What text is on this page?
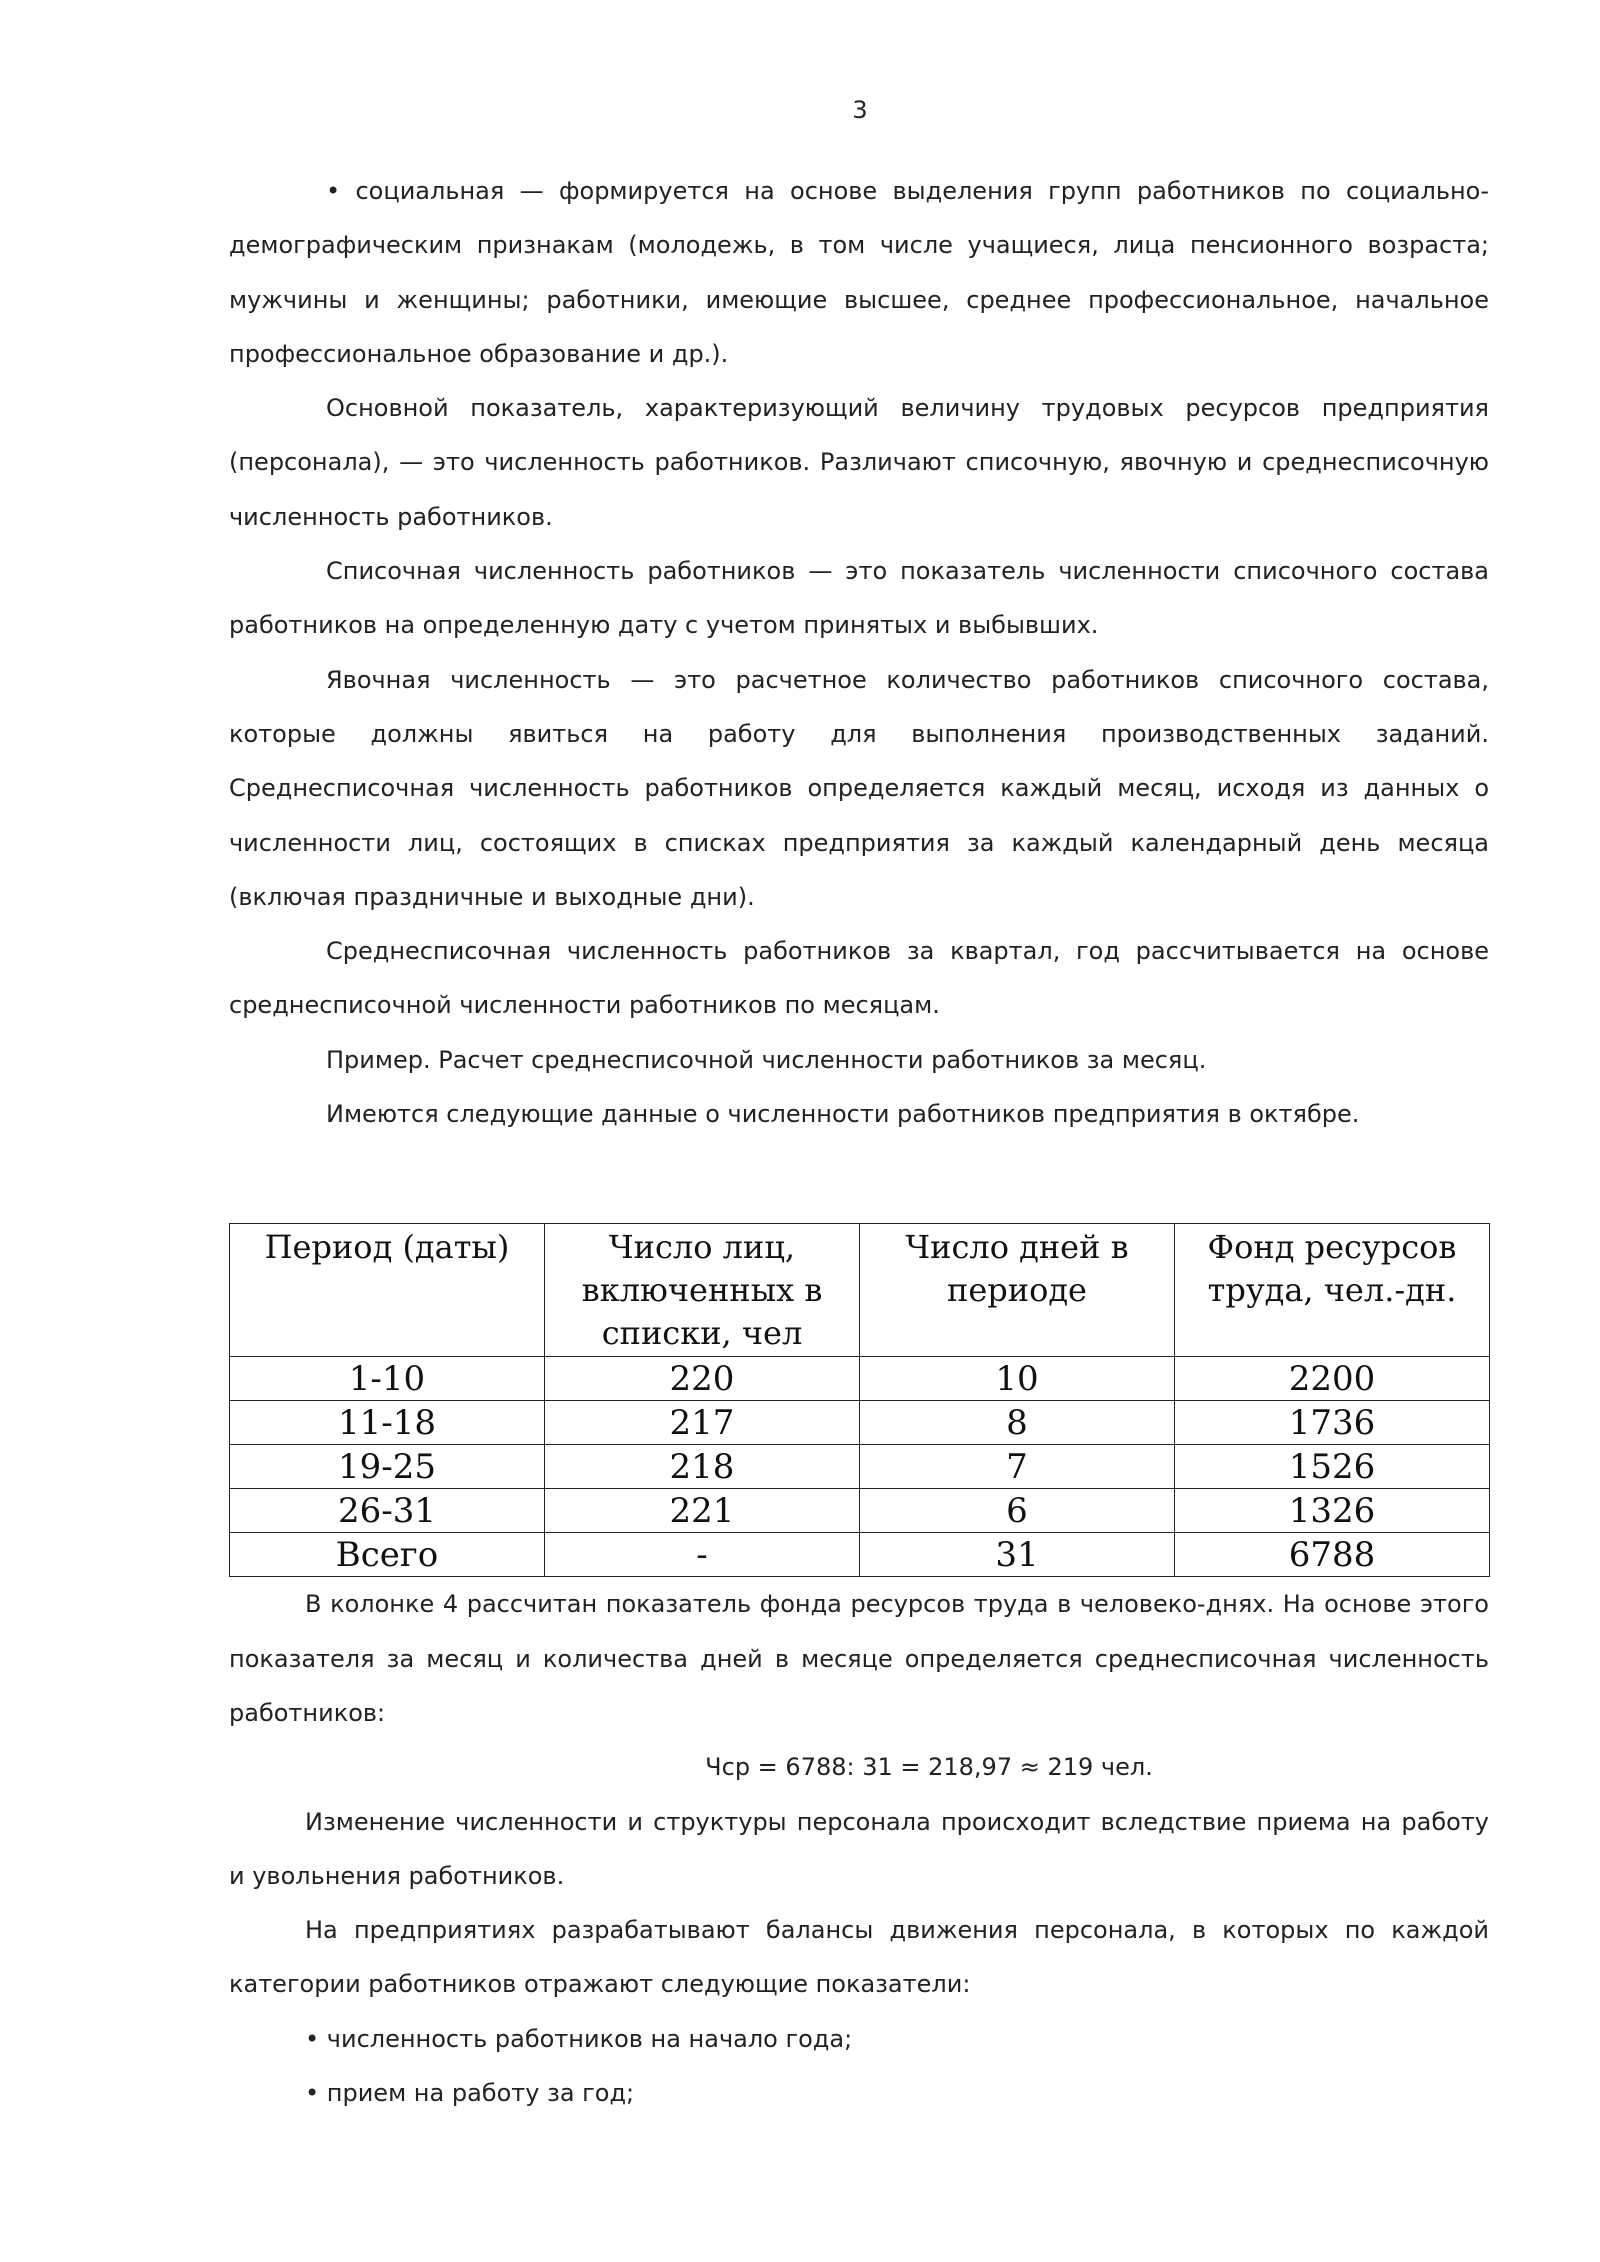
3

• социальная — формируется на основе выделения групп работников по социально-демографическим признакам (молодежь, в том числе учащиеся, лица пенсионного возраста; мужчины и женщины; работники, имеющие высшее, среднее профессиональное, начальное профессиональное образование и др.).

Основной показатель, характеризующий величину трудовых ресурсов предприятия (персонала), — это численность работников. Различают списочную, явочную и среднесписочную численность работников.

Списочная численность работников — это показатель численности списочного состава работников на определенную дату с учетом принятых и выбывших.

Явочная численность — это расчетное количество работников списочного состава, которые должны явиться на работу для выполнения производственных заданий. Среднесписочная численность работников определяется каждый месяц, исходя из данных о численности лиц, состоящих в списках предприятия за каждый календарный день месяца (включая праздничные и выходные дни).

Среднесписочная численность работников за квартал, год рассчитывается на основе среднесписочной численности работников по месяцам.

Пример. Расчет среднесписочной численности работников за месяц.

Имеются следующие данные о численности работников предприятия в октябре.

Период (даты)	Число лиц, включенных в списки, чел	Число дней в периоде	Фонд ресурсов труда, чел.-дн.
1-10	220	10	2200
11-18	217	8	1736
19-25	218	7	1526
26-31	221	6	1326
Всего	-	31	6788

В колонке 4 рассчитан показатель фонда ресурсов труда в человеко-днях. На основе этого показателя за месяц и количества дней в месяце определяется среднесписочная численность работников:

Чср = 6788: 31 = 218,97 ≈ 219 чел.

Изменение численности и структуры персонала происходит вследствие приема на работу и увольнения работников.

На предприятиях разрабатывают балансы движения персонала, в которых по каждой категории работников отражают следующие показатели:

• численность работников на начало года;

• прием на работу за год;
